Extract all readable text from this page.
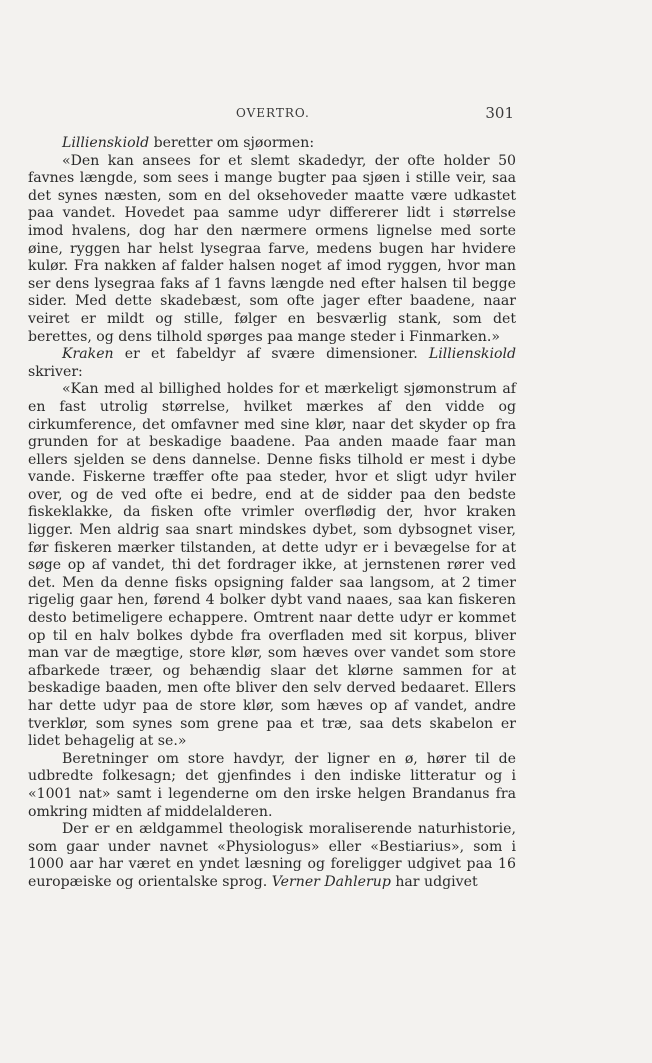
OVERTRO.	301

Lillienskiold beretter om sjøormen:

«Den kan ansees for et slemt skadedyr, der ofte holder 50 favnes længde, som sees i mange bugter paa sjøen i stille veir, saa det synes næsten, som en del oksehoveder maatte være udkastet paa vandet. Hovedet paa samme udyr differerer lidt i størrelse imod hvalens, dog har den nærmere ormens lignelse med sorte øine, ryggen har helst lysegraa farve, medens bugen har hvidere kulør. Fra nakken af falder halsen noget af imod ryggen, hvor man ser dens lysegraa faks af 1 favns længde ned efter halsen til begge sider. Med dette skadebæst, som ofte jager efter baadene, naar veiret er mildt og stille, følger en besværlig stank, som det berettes, og dens tilhold spørges paa mange steder i Finmarken.»

Kraken er et fabeldyr af svære dimensioner. Lillienskiold skriver:

«Kan med al billighed holdes for et mærkeligt sjømonstrum af en fast utrolig størrelse, hvilket mærkes af den vidde og cirkumference, det omfavner med sine klør, naar det skyder op fra grunden for at beskadige baadene. Paa anden maade faar man ellers sjelden se dens dannelse. Denne fisks tilhold er mest i dybe vande. Fiskerne træffer ofte paa steder, hvor et sligt udyr hviler over, og de ved ofte ei bedre, end at de sidder paa den bedste fiskeklakke, da fisken ofte vrimler overflødig der, hvor kraken ligger. Men aldrig saa snart mindskes dybet, som dybsognet viser, før fiskeren mærker tilstanden, at dette udyr er i bevægelse for at søge op af vandet, thi det fordrager ikke, at jernstenen rører ved det. Men da denne fisks opsigning falder saa langsom, at 2 timer rigelig gaar hen, førend 4 bolker dybt vand naaes, saa kan fiskeren desto betimeligere echappere. Omtrent naar dette udyr er kommet op til en halv bolkes dybde fra overfladen med sit korpus, bliver man var de mægtige, store klør, som hæves over vandet som store afbarkede træer, og behændig slaar det klørne sammen for at beskadige baaden, men ofte bliver den selv derved bedaaret. Ellers har dette udyr paa de store klør, som hæves op af vandet, andre tverklør, som synes som grene paa et træ, saa dets skabelon er lidet behagelig at se.»

Beretninger om store havdyr, der ligner en ø, hører til de udbredte folkesagn; det gjenfindes i den indiske litteratur og i «1001 nat» samt i legenderne om den irske helgen Brandanus fra omkring midten af middelalderen.

Der er en ældgammel theologisk moraliserende naturhistorie, som gaar under navnet «Physiologus» eller «Bestiarius», som i 1000 aar har været en yndet læsning og foreligger udgivet paa 16 europæiske og orientalske sprog. Verner Dahlerup har udgivet
